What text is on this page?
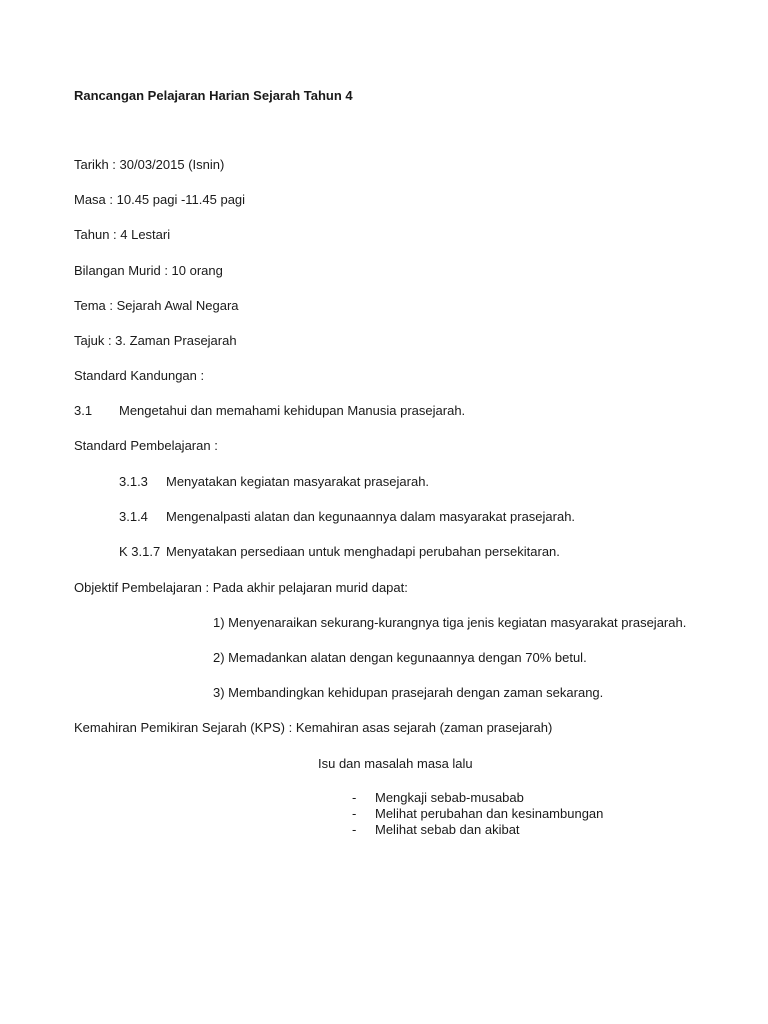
Rancangan Pelajaran Harian Sejarah Tahun 4
Tarikh : 30/03/2015 (Isnin)
Masa : 10.45 pagi -11.45 pagi
Tahun : 4 Lestari
Bilangan Murid : 10 orang
Tema : Sejarah Awal Negara
Tajuk : 3. Zaman Prasejarah
Standard Kandungan :
3.1 Mengetahui dan memahami kehidupan Manusia prasejarah.
Standard Pembelajaran :
3.1.3 Menyatakan kegiatan masyarakat prasejarah.
3.1.4 Mengenalpasti alatan dan kegunaannya dalam masyarakat prasejarah.
K 3.1.7 Menyatakan persediaan untuk menghadapi perubahan persekitaran.
Objektif Pembelajaran : Pada akhir pelajaran murid dapat:
1) Menyenaraikan sekurang-kurangnya tiga jenis kegiatan masyarakat prasejarah.
2) Memadankan alatan dengan kegunaannya dengan 70% betul.
3) Membandingkan kehidupan prasejarah dengan zaman sekarang.
Kemahiran Pemikiran Sejarah (KPS) : Kemahiran asas sejarah (zaman prasejarah)
Isu dan masalah masa lalu
- Mengkaji sebab-musabab
- Melihat perubahan dan kesinambungan
- Melihat sebab dan akibat
